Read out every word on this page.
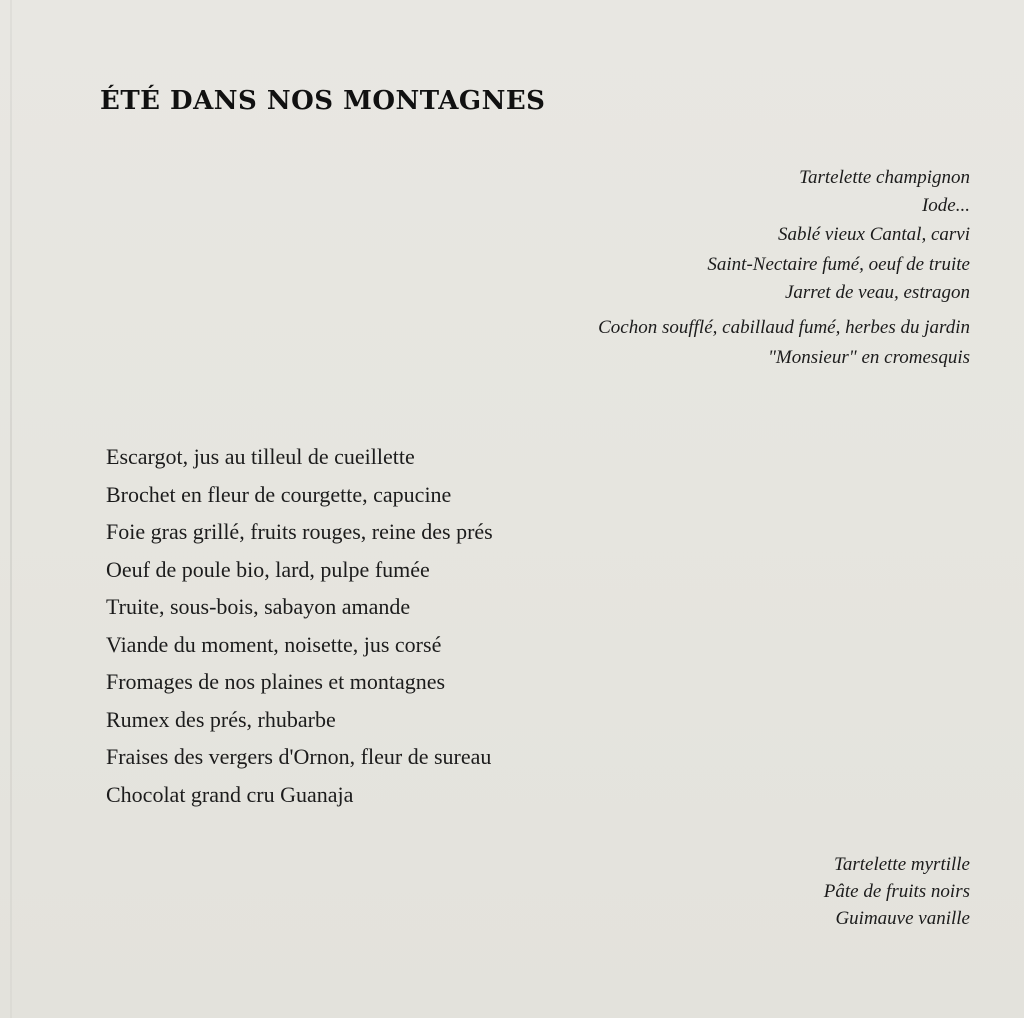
ÉTÉ DANS NOS MONTAGNES
Tartelette champignon
Iode...
Sablé vieux Cantal, carvi
Saint-Nectaire fumé, oeuf de truite
Jarret de veau, estragon
Cochon soufflé, cabillaud fumé, herbes du jardin
"Monsieur" en cromesquis
Escargot, jus au tilleul de cueillette
Brochet en fleur de courgette, capucine
Foie gras grillé, fruits rouges, reine des prés
Oeuf de poule bio, lard, pulpe fumée
Truite, sous-bois, sabayon amande
Viande du moment, noisette, jus corsé
Fromages de nos plaines et montagnes
Rumex des prés, rhubarbe
Fraises des vergers d'Ornon, fleur de sureau
Chocolat grand cru Guanaja
Tartelette myrtille
Pâte de fruits noirs
Guimauve vanille
